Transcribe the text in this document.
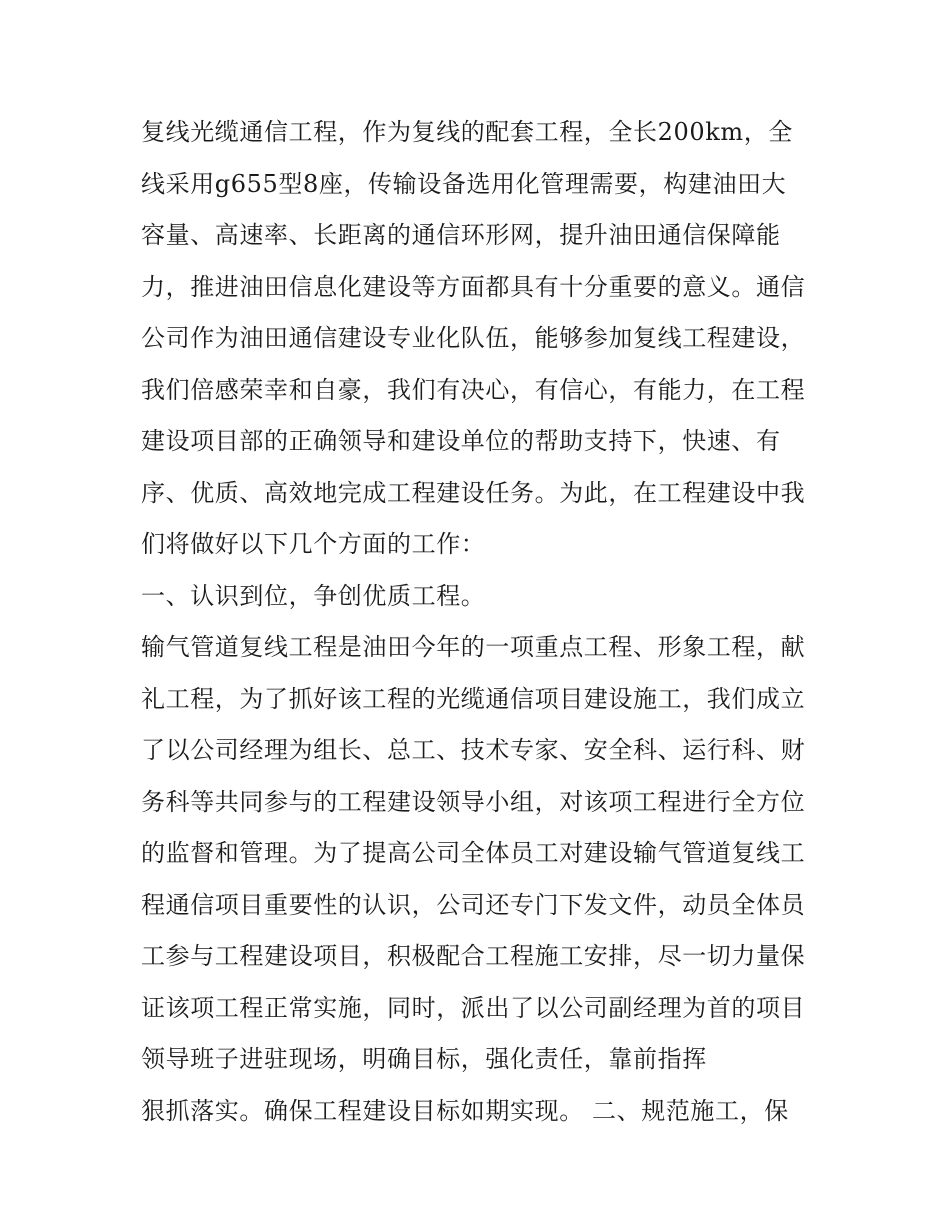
复线光缆通信工程，作为复线的配套工程，全长200km，全
线采用g655型8座，传输设备选用化管理需要，构建油田大
容量、高速率、长距离的通信环形网，提升油田通信保障能
力，推进油田信息化建设等方面都具有十分重要的意义。通信
公司作为油田通信建设专业化队伍，能够参加复线工程建设，
我们倍感荣幸和自豪，我们有决心，有信心，有能力，在工程
建设项目部的正确领导和建设单位的帮助支持下，快速、有
序、优质、高效地完成工程建设任务。为此，在工程建设中我
们将做好以下几个方面的工作：
一、认识到位，争创优质工程。
输气管道复线工程是油田今年的一项重点工程、形象工程，献
礼工程，为了抓好该工程的光缆通信项目建设施工，我们成立
了以公司经理为组长、总工、技术专家、安全科、运行科、财
务科等共同参与的工程建设领导小组，对该项工程进行全方位
的监督和管理。为了提高公司全体员工对建设输气管道复线工
程通信项目重要性的认识，公司还专门下发文件，动员全体员
工参与工程建设项目，积极配合工程施工安排，尽一切力量保
证该项工程正常实施，同时，派出了以公司副经理为首的项目
领导班子进驻现场，明确目标，强化责任，靠前指挥
狠抓落实。确保工程建设目标如期实现。 二、规范施工，保
